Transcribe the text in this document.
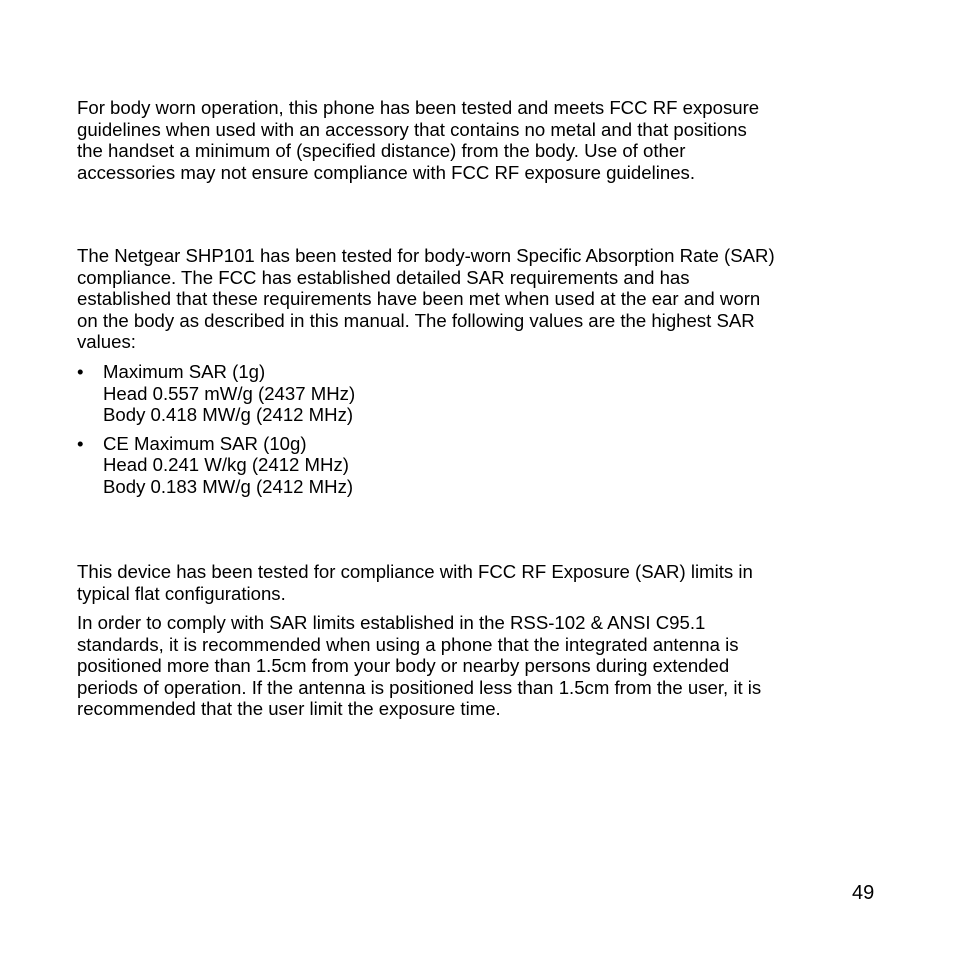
For body worn operation, this phone has been tested and meets FCC RF exposure
guidelines when used with an accessory that contains no metal and that positions
the handset a minimum of (specified distance) from the body. Use of other
accessories may not ensure compliance with FCC RF exposure guidelines.

The Netgear SHP101 has been tested for body-worn Specific Absorption Rate (SAR)
compliance. The FCC has established detailed SAR requirements and has
established that these requirements have been met when used at the ear and worn
on the body as described in this manual. The following values are the highest SAR
values:

• Maximum SAR (1g)
Head 0.557 mW/g (2437 MHz)
Body 0.418 MW/g (2412 MHz)
• CE Maximum SAR (10g)
Head 0.241 W/kg (2412 MHz)
Body 0.183 MW/g (2412 MHz)

This device has been tested for compliance with FCC RF Exposure (SAR) limits in
typical flat configurations.

In order to comply with SAR limits established in the RSS-102 & ANSI C95.1
standards, it is recommended when using a phone that the integrated antenna is
positioned more than 1.5cm from your body or nearby persons during extended
periods of operation. If the antenna is positioned less than 1.5cm from the user, it is
recommended that the user limit the exposure time.

49
